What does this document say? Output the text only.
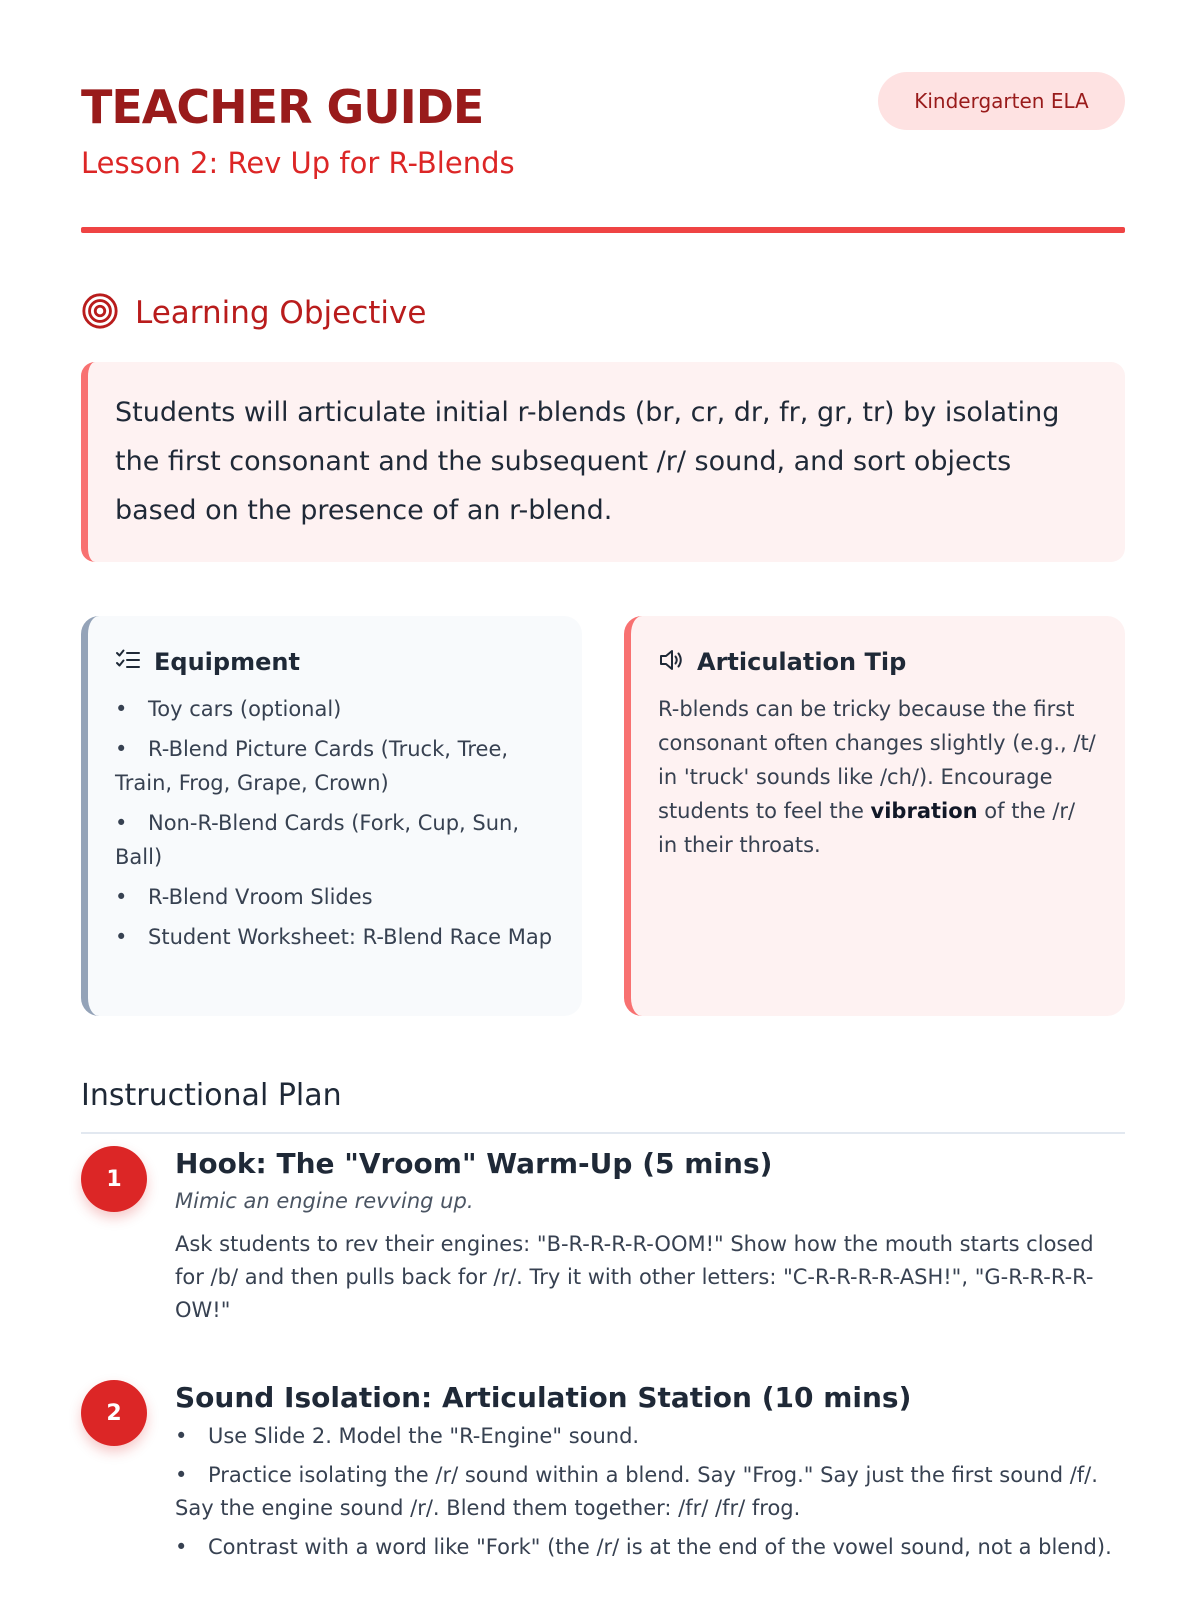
TEACHER GUIDE
Lesson 2: Rev Up for R-Blends
Kindergarten ELA
Learning Objective

Students will articulate initial r-blends (br, cr, dr, fr, gr, tr) by isolating the first consonant and the subsequent /r/ sound, and sort objects based on the presence of an r-blend.

Equipment
• Toy cars (optional)
• R-Blend Picture Cards (Truck, Tree, Train, Frog, Grape, Crown)
• Non-R-Blend Cards (Fork, Cup, Sun, Ball)
• R-Blend Vroom Slides
• Student Worksheet: R-Blend Race Map
Articulation Tip

R-blends can be tricky because the first consonant often changes slightly (e.g., /t/ in 'truck' sounds like /ch/). Encourage students to feel the vibration of the /r/ in their throats.

Instructional Plan
1	Hook: The "Vroom" Warm-Up (5 mins)
Mimic an engine revving up.

Ask students to rev their engines: "B-R-R-R-R-OOM!" Show how the mouth starts closed for /b/ and then pulls back for /r/. Try it with other letters: "C-R-R-R-R-ASH!", "G-R-R-R-R-OW!"

2	Sound Isolation: Articulation Station (10 mins)
• Use Slide 2. Model the "R-Engine" sound.
• Practice isolating the /r/ sound within a blend. Say "Frog." Say just the first sound /f/. Say the engine sound /r/. Blend them together: /fr/ /fr/ frog.
• Contrast with a word like "Fork" (the /r/ is at the end of the vowel sound, not a blend).
